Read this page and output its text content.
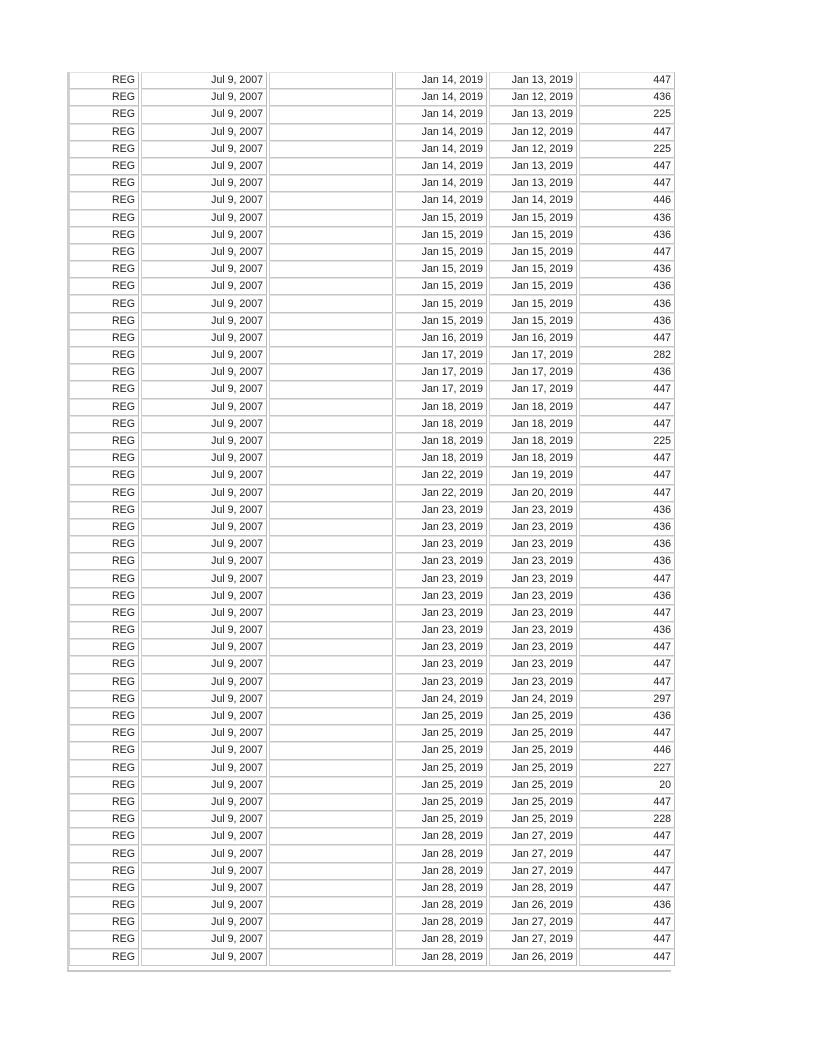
REG	Jul 9, 2007		Jan 14, 2019	Jan 13, 2019	447
REG	Jul 9, 2007		Jan 14, 2019	Jan 12, 2019	436
REG	Jul 9, 2007		Jan 14, 2019	Jan 13, 2019	225
REG	Jul 9, 2007		Jan 14, 2019	Jan 12, 2019	447
REG	Jul 9, 2007		Jan 14, 2019	Jan 12, 2019	225
REG	Jul 9, 2007		Jan 14, 2019	Jan 13, 2019	447
REG	Jul 9, 2007		Jan 14, 2019	Jan 13, 2019	447
REG	Jul 9, 2007		Jan 14, 2019	Jan 14, 2019	446
REG	Jul 9, 2007		Jan 15, 2019	Jan 15, 2019	436
REG	Jul 9, 2007		Jan 15, 2019	Jan 15, 2019	436
REG	Jul 9, 2007		Jan 15, 2019	Jan 15, 2019	447
REG	Jul 9, 2007		Jan 15, 2019	Jan 15, 2019	436
REG	Jul 9, 2007		Jan 15, 2019	Jan 15, 2019	436
REG	Jul 9, 2007		Jan 15, 2019	Jan 15, 2019	436
REG	Jul 9, 2007		Jan 15, 2019	Jan 15, 2019	436
REG	Jul 9, 2007		Jan 16, 2019	Jan 16, 2019	447
REG	Jul 9, 2007		Jan 17, 2019	Jan 17, 2019	282
REG	Jul 9, 2007		Jan 17, 2019	Jan 17, 2019	436
REG	Jul 9, 2007		Jan 17, 2019	Jan 17, 2019	447
REG	Jul 9, 2007		Jan 18, 2019	Jan 18, 2019	447
REG	Jul 9, 2007		Jan 18, 2019	Jan 18, 2019	447
REG	Jul 9, 2007		Jan 18, 2019	Jan 18, 2019	225
REG	Jul 9, 2007		Jan 18, 2019	Jan 18, 2019	447
REG	Jul 9, 2007		Jan 22, 2019	Jan 19, 2019	447
REG	Jul 9, 2007		Jan 22, 2019	Jan 20, 2019	447
REG	Jul 9, 2007		Jan 23, 2019	Jan 23, 2019	436
REG	Jul 9, 2007		Jan 23, 2019	Jan 23, 2019	436
REG	Jul 9, 2007		Jan 23, 2019	Jan 23, 2019	436
REG	Jul 9, 2007		Jan 23, 2019	Jan 23, 2019	436
REG	Jul 9, 2007		Jan 23, 2019	Jan 23, 2019	447
REG	Jul 9, 2007		Jan 23, 2019	Jan 23, 2019	436
REG	Jul 9, 2007		Jan 23, 2019	Jan 23, 2019	447
REG	Jul 9, 2007		Jan 23, 2019	Jan 23, 2019	436
REG	Jul 9, 2007		Jan 23, 2019	Jan 23, 2019	447
REG	Jul 9, 2007		Jan 23, 2019	Jan 23, 2019	447
REG	Jul 9, 2007		Jan 23, 2019	Jan 23, 2019	447
REG	Jul 9, 2007		Jan 24, 2019	Jan 24, 2019	297
REG	Jul 9, 2007		Jan 25, 2019	Jan 25, 2019	436
REG	Jul 9, 2007		Jan 25, 2019	Jan 25, 2019	447
REG	Jul 9, 2007		Jan 25, 2019	Jan 25, 2019	446
REG	Jul 9, 2007		Jan 25, 2019	Jan 25, 2019	227
REG	Jul 9, 2007		Jan 25, 2019	Jan 25, 2019	20
REG	Jul 9, 2007		Jan 25, 2019	Jan 25, 2019	447
REG	Jul 9, 2007		Jan 25, 2019	Jan 25, 2019	228
REG	Jul 9, 2007		Jan 28, 2019	Jan 27, 2019	447
REG	Jul 9, 2007		Jan 28, 2019	Jan 27, 2019	447
REG	Jul 9, 2007		Jan 28, 2019	Jan 27, 2019	447
REG	Jul 9, 2007		Jan 28, 2019	Jan 28, 2019	447
REG	Jul 9, 2007		Jan 28, 2019	Jan 26, 2019	436
REG	Jul 9, 2007		Jan 28, 2019	Jan 27, 2019	447
REG	Jul 9, 2007		Jan 28, 2019	Jan 27, 2019	447
REG	Jul 9, 2007		Jan 28, 2019	Jan 26, 2019	447
